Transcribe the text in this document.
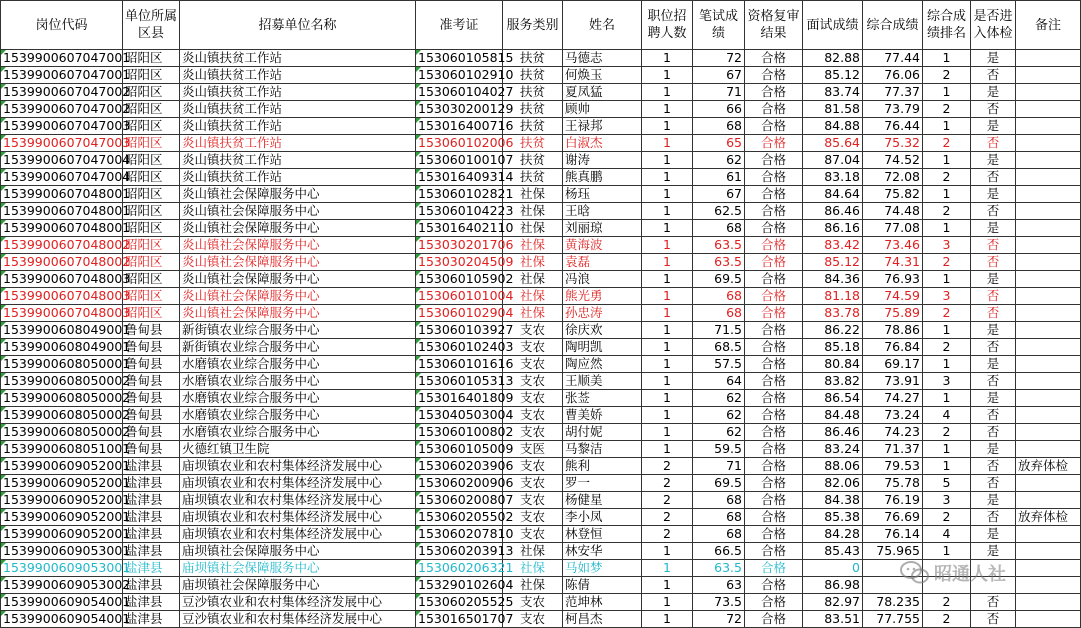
岗位代码	单位所属区县	招募单位名称	准考证	服务类别	姓名	职位招聘人数	笔试成绩	资格复审结果	面试成绩	综合成绩	综合成绩排名	是否进入体检	备注
1539900607047001	昭阳区	炎山镇扶贫工作站	153060105815	扶贫	马德志	1	72	合格	82.88	77.44	1	是	
1539900607047001	昭阳区	炎山镇扶贫工作站	153060102910	扶贫	何焕玉	1	67	合格	85.12	76.06	2	否	
1539900607047002	昭阳区	炎山镇扶贫工作站	153060104027	扶贫	夏凤猛	1	71	合格	83.74	77.37	1	是	
1539900607047002	昭阳区	炎山镇扶贫工作站	153030200129	扶贫	顾帅	1	66	合格	81.58	73.79	2	否	
1539900607047003	昭阳区	炎山镇扶贫工作站	153016400716	扶贫	王禄邦	1	68	合格	84.88	76.44	1	是	
1539900607047003	昭阳区	炎山镇扶贫工作站	153060102006	扶贫	白淑杰	1	65	合格	85.64	75.32	2	否	
1539900607047004	昭阳区	炎山镇扶贫工作站	153060100107	扶贫	谢涛	1	62	合格	87.04	74.52	1	是	
1539900607047004	昭阳区	炎山镇扶贫工作站	153016409314	扶贫	熊真鹏	1	61	合格	83.18	72.08	2	否	
1539900607048001	昭阳区	炎山镇社会保障服务中心	153060102821	社保	杨珏	1	67	合格	84.64	75.82	1	是	
1539900607048001	昭阳区	炎山镇社会保障服务中心	153060104223	社保	王晗	1	62.5	合格	86.46	74.48	2	否	
1539900607048001	昭阳区	炎山镇社会保障服务中心	153016402110	社保	刘丽琼	1	68	合格	86.16	77.08	1	是	
1539900607048002	昭阳区	炎山镇社会保障服务中心	153030201706	社保	黄海波	1	63.5	合格	83.42	73.46	3	否	
1539900607048002	昭阳区	炎山镇社会保障服务中心	153030204509	社保	袁磊	1	63.5	合格	85.12	74.31	2	否	
1539900607048003	昭阳区	炎山镇社会保障服务中心	153060105902	社保	冯浪	1	69.5	合格	84.36	76.93	1	是	
1539900607048003	昭阳区	炎山镇社会保障服务中心	153060101004	社保	熊光勇	1	68	合格	81.18	74.59	3	否	
1539900607048003	昭阳区	炎山镇社会保障服务中心	153060102904	社保	孙忠涛	1	68	合格	83.78	75.89	2	否	
1539900608049001	鲁甸县	新街镇农业综合服务中心	153060103927	支农	徐庆欢	1	71.5	合格	86.22	78.86	1	是	
1539900608049001	鲁甸县	新街镇农业综合服务中心	153060102403	支农	陶明凯	1	68.5	合格	85.18	76.84	2	否	
1539900608050001	鲁甸县	水磨镇农业综合服务中心	153060101616	支农	陶应然	1	57.5	合格	80.84	69.17	1	是	
1539900608050002	鲁甸县	水磨镇农业综合服务中心	153060105313	支农	王顺美	1	64	合格	83.82	73.91	3	否	
1539900608050002	鲁甸县	水磨镇农业综合服务中心	153016401809	支农	张莶	1	62	合格	86.54	74.27	1	是	
1539900608050002	鲁甸县	水磨镇农业综合服务中心	153040503004	支农	曹美娇	1	62	合格	84.48	73.24	4	否	
1539900608050002	鲁甸县	水磨镇农业综合服务中心	153060100802	支农	胡付妮	1	62	合格	86.46	74.23	2	否	
1539900608051001	鲁甸县	火德红镇卫生院	153060105009	支医	马黎洁	1	59.5	合格	83.24	71.37	1	是	
1539900609052001	盐津县	庙坝镇农业和农村集体经济发展中心	153060203906	支农	熊利	2	71	合格	88.06	79.53	1	否	放弃体检
1539900609052001	盐津县	庙坝镇农业和农村集体经济发展中心	153060200906	支农	罗一	2	69.5	合格	82.06	75.78	5	否	
1539900609052001	盐津县	庙坝镇农业和农村集体经济发展中心	153060200807	支农	杨健星	2	68	合格	84.38	76.19	3	是	
1539900609052001	盐津县	庙坝镇农业和农村集体经济发展中心	153060205502	支农	李小凤	2	68	合格	85.38	76.69	2	否	放弃体检
1539900609052001	盐津县	庙坝镇农业和农村集体经济发展中心	153060207810	支农	林登恒	2	68	合格	84.28	76.14	4	是	
1539900609053001	盐津县	庙坝镇社会保障服务中心	153060203913	社保	林安华	1	66.5	合格	85.43	75.965	1	是	
1539900609053001	盐津县	庙坝镇社会保障服务中心	153060206321	社保	马如梦	1	63.5	合格	0				
1539900609053002	盐津县	庙坝镇社会保障服务中心	153290102604	社保	陈倩	1	63	合格	86.98				
1539900609054001	盐津县	豆沙镇农业和农村集体经济发展中心	153060205525	支农	范坤林	1	73.5	合格	82.97	78.235	2	否	
1539900609054001	盐津县	豆沙镇农业和农村集体经济发展中心	153016501707	支农	柯昌杰	1	72	合格	83.51	77.755	2	否	
昭通人社
